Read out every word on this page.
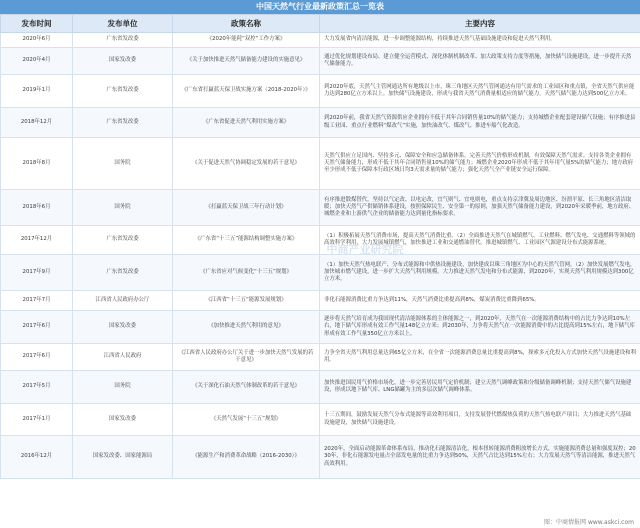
中国天然气行业最新政策汇总一览表
发布时间	发布单位	政策名称	主要内容
2020年6月	广东省发改委	《2020年能耗“双控”工作方案》	大力发展省内清洁能源，进一步调整能源结构，持续推进天然气基础设施建设和促进天然气利用。
2020年4月	国家发改委	《关于加快推进天然气储备能力建设的实施意见》	通过优化规划建设布局、建立健全运营模式、深化体制机制改革、加大政策支持力度等措施，加快储气设施建设，进一步提升天然气储备能力。
2019年1月	广东省发改委	《广东省打赢蓝天保卫战实施方案（2018-2020年）》	到2020年底，天然气主管网通达所有地级以上市，珠三角地区天然气管网通达有用气需求的工业园区和重点镇，全省天然气供应能力达到280亿立方米以上。加快储气设施建设，形成与我省天然气消费量相适应的储气能力，天然气储气能力达到500亿立方米。
2018年12月	广东省发改委	《广东省促进天然气利用实施方案》	到2020年前，我省天然气资源供应企业拥有不低于其年合同销售量10%的储气能力；支持城燃企业配套建设储气设施；有序推进县级工业园、重点行业燃料“煤改气”实施，加快油改气、煤改气、推进车船气化改造。
2018年8月	国务院	《关于促进天然气协调稳定发展的若干意见》	天然气供应立足国内、坚持多元、保障安全和应急储备体系，完善天然气价格形成机制，有效保障天然气需求。支持各类企业拥有天然气储备能力，形成不低于其年合同销售量10%的储气能力；城燃企业2020年形成不低于其年用气量5%的储气能力；地方政府至少形成不低于保障本行政区域日均3天需求量的储气能力；强化天然气全产业链安全运行保障。
2018年6月	国务院	《打赢蓝天保卫战三年行动计划》	有序推进散煤替代，坚持以气定改、以电定改，宜气则气、宜电则电，重点支持京津冀及周边地区、汾渭平原、长三角地区清洁取暖；加快天然气产供储销体系建设，按照保障民生、安全第一的原则，加强天然气储备能力建设，到2020年采暖季前，地方政府、城燃企业和上游供气企业的储备能力达到量化指标要求。
2017年12月	广东省发改委	《广东省“十三五”能源结构调整实施方案》	（1）积极拓展天然气消费市场，提高天然气消费比重。（2）全面推进天然气在城镇燃气、工业燃料、燃气发电、交通燃料等领域的高效科学利用，大力发展城镇燃气，加快推进工业和交通燃油替代。推进城镇燃气、工业园区气源建设分布式能源系统。
2017年9月	广东省发改委	《广东省应对气候变化“十三五”规划》	（1）加快天然气热电联产、分布式能源和中供热设施建设，加快建成以珠三角地区为中心的天然气管网。（2）加快发展燃气发电，加快城市燃气建设，进一步扩大天然气利用规模。大力推进天然气发电和分布式能源，到2020年，实现天然气利用规模达到300亿立方米。
2017年7月	江西省人民政府办公厅	《江西省“十三五”能源发展规划》	非化石能源消费比重力争达到11%，天然气消费比重提高到8%，煤炭消费比重降到65%。
2017年6月	国家发改委	《加快推进天然气利用的意见》	逐步将天然气培育成为我国现代清洁能源体系的主体能源之一，到2020年，天然气在一次能源消费结构中的占比力争达到10%左右，地下储气库形成有效工作气量148亿立方米；到2030年，力争将天然气在一次能源消费中的占比提高到15%左右，地下储气库形成有效工作气量350亿立方米以上。
2017年6月	江西省人民政府	《江西省人民政府办公厅关于进一步加快天然气发展的若干意见》	力争全省天然气利用总量达到65亿立方米，在全省一次能源消费总量比重提高到8%，探索多元化投入方式加快天然气设施建设和利用。
2017年5月	国务院	《关于深化石油天然气体制改革的若干意见》	加快推进国民用气价格市场化，进一步完善居民用气定价机制；建立天然气调峰政策和分级储备调峰机制；支持天然气储气设施建设，形成以地下储气库、LNG储罐为主的多层次储气调峰体系。
2017年1月	国家发改委	《天然气发展“十三五”规划》	十三五期间，鼓励发展天然气分布式能源等高效利用项目，支持发展替代燃煤热负荷的天然气热电联产项目；大力推进天然气基础设施建设，加快储气设施建设。
2016年12月	国家发改委、国家能源局	《能源生产和消费革命战略（2016-2030）》	2020年，全面启动能源革命体系布局，推动化石能源清洁化，根本扭转能源消费粗放增长方式，实施能源消费总量和强度双控；2030年，非化石能源发电量占全部发电量的比重力争达到50%，天然气占比达到15%左右；大力发展天然气等清洁能源，推进天然气高效利用。
中商产业研究院
图：中商情报网 www.askci.com
